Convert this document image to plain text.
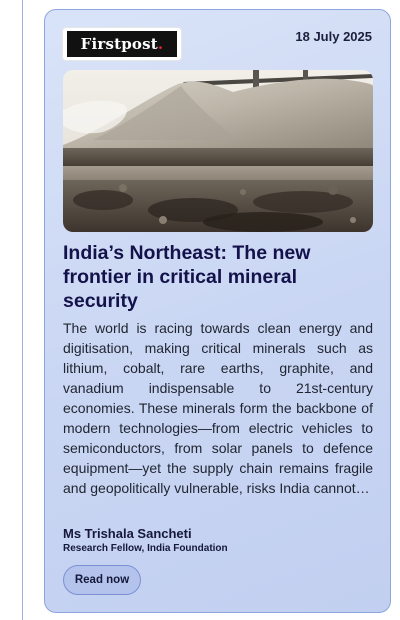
Firstpost .	18 July 2025
India’s Northeast: The new frontier in critical mineral security

The world is racing towards clean energy and digitisation, making critical minerals such as lithium, cobalt, rare earths, graphite, and vanadium indispensable to 21st-century economies. These minerals form the backbone of modern technologies—from electric vehicles to semiconductors, from solar panels to defence equipment—yet the supply chain remains fragile and geopolitically vulnerable, risks India cannot…

Ms Trishala Sancheti
Research Fellow, India Foundation
Read now
